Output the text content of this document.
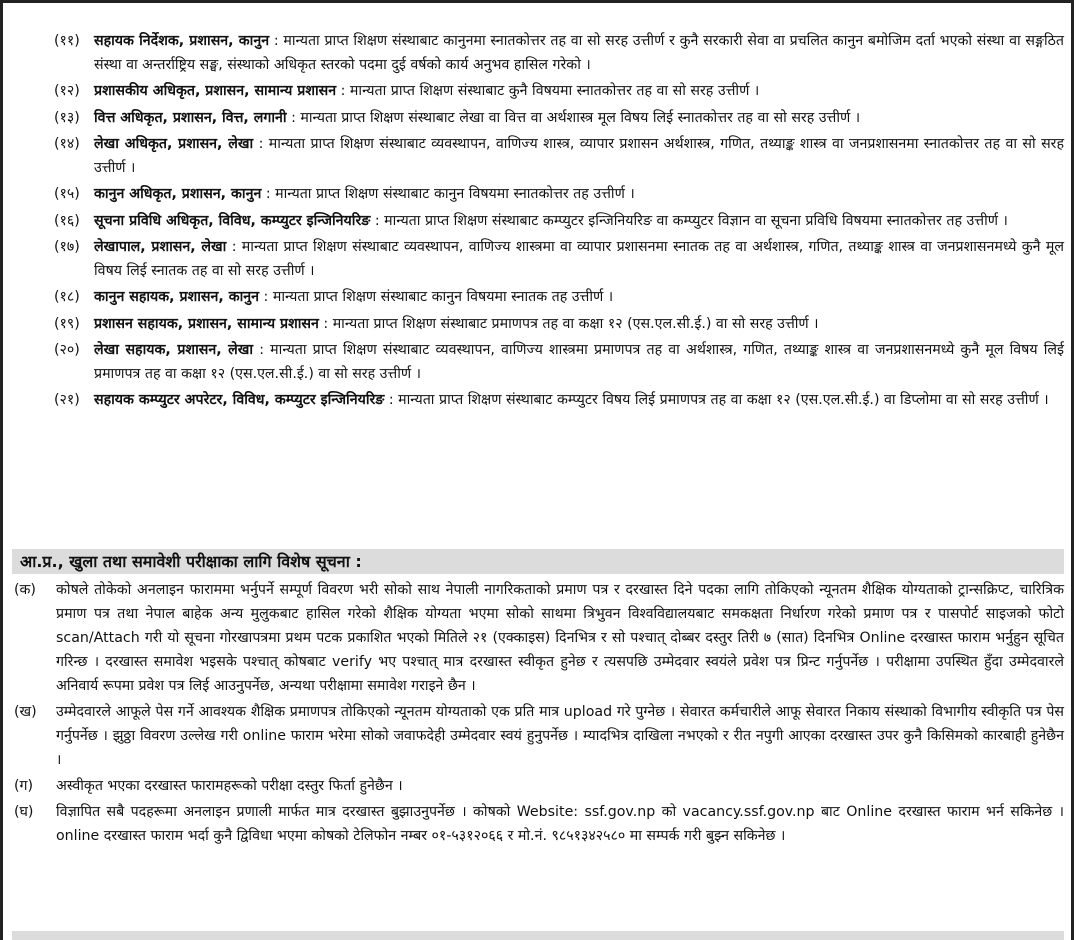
(११) सहायक निर्देशक, प्रशासन, कानुन : मान्यता प्राप्त शिक्षण संस्थाबाट कानुनमा स्नातकोत्तर तह वा सो सरह उत्तीर्ण र कुनै सरकारी सेवा वा प्रचलित कानुन बमोजिम दर्ता भएको संस्था वा सङ्गठित संस्था वा अन्तर्राष्ट्रिय सङ्घ, संस्थाको अधिकृत स्तरको पदमा दुई वर्षको कार्य अनुभव हासिल गरेको ।
(१२) प्रशासकीय अधिकृत, प्रशासन, सामान्य प्रशासन : मान्यता प्राप्त शिक्षण संस्थाबाट कुनै विषयमा स्नातकोत्तर तह वा सो सरह उत्तीर्ण ।
(१३) वित्त अधिकृत, प्रशासन, वित्त, लगानी : मान्यता प्राप्त शिक्षण संस्थाबाट लेखा वा वित्त वा अर्थशास्त्र मूल विषय लिई स्नातकोत्तर तह वा सो सरह उत्तीर्ण ।
(१४) लेखा अधिकृत, प्रशासन, लेखा : मान्यता प्राप्त शिक्षण संस्थाबाट व्यवस्थापन, वाणिज्य शास्त्र, व्यापार प्रशासन अर्थशास्त्र, गणित, तथ्याङ्क शास्त्र वा जनप्रशासनमा स्नातकोत्तर तह वा सो सरह उत्तीर्ण ।
(१५) कानुन अधिकृत, प्रशासन, कानुन : मान्यता प्राप्त शिक्षण संस्थाबाट कानुन विषयमा स्नातकोत्तर तह उत्तीर्ण ।
(१६) सूचना प्रविधि अधिकृत, विविध, कम्प्युटर इन्जिनियरिङ : मान्यता प्राप्त शिक्षण संस्थाबाट कम्प्युटर इन्जिनियरिङ वा कम्प्युटर विज्ञान वा सूचना प्रविधि विषयमा स्नातकोत्तर तह उत्तीर्ण ।
(१७) लेखापाल, प्रशासन, लेखा : मान्यता प्राप्त शिक्षण संस्थाबाट व्यवस्थापन, वाणिज्य शास्त्रमा वा व्यापार प्रशासनमा स्नातक तह वा अर्थशास्त्र, गणित, तथ्याङ्क शास्त्र वा जनप्रशासनमध्ये कुनै मूल विषय लिई स्नातक तह वा सो सरह उत्तीर्ण ।
(१८) कानुन सहायक, प्रशासन, कानुन : मान्यता प्राप्त शिक्षण संस्थाबाट कानुन विषयमा स्नातक तह उत्तीर्ण ।
(१९) प्रशासन सहायक, प्रशासन, सामान्य प्रशासन : मान्यता प्राप्त शिक्षण संस्थाबाट प्रमाणपत्र तह वा कक्षा १२ (एस.एल.सी.ई.) वा सो सरह उत्तीर्ण ।
(२०) लेखा सहायक, प्रशासन, लेखा : मान्यता प्राप्त शिक्षण संस्थाबाट व्यवस्थापन, वाणिज्य शास्त्रमा प्रमाणपत्र तह वा अर्थशास्त्र, गणित, तथ्याङ्क शास्त्र वा जनप्रशासनमध्ये कुनै मूल विषय लिई प्रमाणपत्र तह वा कक्षा १२ (एस.एल.सी.ई.) वा सो सरह उत्तीर्ण ।
(२१) सहायक कम्प्युटर अपरेटर, विविध, कम्प्युटर इन्जिनियरिङ : मान्यता प्राप्त शिक्षण संस्थाबाट कम्प्युटर विषय लिई प्रमाणपत्र तह वा कक्षा १२ (एस.एल.सी.ई.) वा डिप्लोमा वा सो सरह उत्तीर्ण ।
आ.प्र., खुला तथा समावेशी परीक्षाका लागि विशेष सूचना :
(क) कोषले तोकेको अनलाइन फाराममा भर्नुपर्ने सम्पूर्ण विवरण भरी सोको साथ नेपाली नागरिकताको प्रमाण पत्र र दरखास्त दिने पदका लागि तोकिएको न्यूनतम शैक्षिक योग्यताको ट्रान्सक्रिप्ट, चारित्रिक प्रमाण पत्र तथा नेपाल बाहेक अन्य मुलुकबाट हासिल गरेको शैक्षिक योग्यता भएमा सोको साथमा त्रिभुवन विश्वविद्यालयबाट समकक्षता निर्धारण गरेको प्रमाण पत्र र पासपोर्ट साइजको फोटो scan/Attach गरी यो सूचना गोरखापत्रमा प्रथम पटक प्रकाशित भएको मितिले २१ (एक्काइस) दिनभित्र र सो पश्चात् दोब्बर दस्तुर तिरी ७ (सात) दिनभित्र Online दरखास्त फाराम भर्नुहुन सूचित गरिन्छ । दरखास्त समावेश भइसके पश्चात् कोषबाट verify भए पश्चात् मात्र दरखास्त स्वीकृत हुनेछ र त्यसपछि उम्मेदवार स्वयंले प्रवेश पत्र प्रिन्ट गर्नुपर्नेछ । परीक्षामा उपस्थित हुँदा उम्मेदवारले अनिवार्य रूपमा प्रवेश पत्र लिई आउनुपर्नेछ, अन्यथा परीक्षामा समावेश गराइने छैन ।
(ख) उम्मेदवारले आफूले पेस गर्ने आवश्यक शैक्षिक प्रमाणपत्र तोकिएको न्यूनतम योग्यताको एक प्रति मात्र upload गरे पुग्नेछ । सेवारत कर्मचारीले आफू सेवारत निकाय संस्थाको विभागीय स्वीकृति पत्र पेस गर्नुपर्नेछ । झुठ्ठा विवरण उल्लेख गरी online फाराम भरेमा सोको जवाफदेही उम्मेदवार स्वयं हुनुपर्नेछ । म्यादभित्र दाखिला नभएको र रीत नपुगी आएका दरखास्त उपर कुनै किसिमको कारबाही हुनेछैन ।
(ग) अस्वीकृत भएका दरखास्त फारामहरूको परीक्षा दस्तुर फिर्ता हुनेछैन ।
(घ) विज्ञापित सबै पदहरूमा अनलाइन प्रणाली मार्फत मात्र दरखास्त बुझाउनुपर्नेछ । कोषको Website: ssf.gov.np को vacancy.ssf.gov.np बाट Online दरखास्त फाराम भर्न सकिनेछ । online दरखास्त फाराम भर्दा कुनै द्विविधा भएमा कोषको टेलिफोन नम्बर ०१-५३१२०६६ र मो.नं. ९८५१३४२५८० मा सम्पर्क गरी बुझ्न सकिनेछ ।
